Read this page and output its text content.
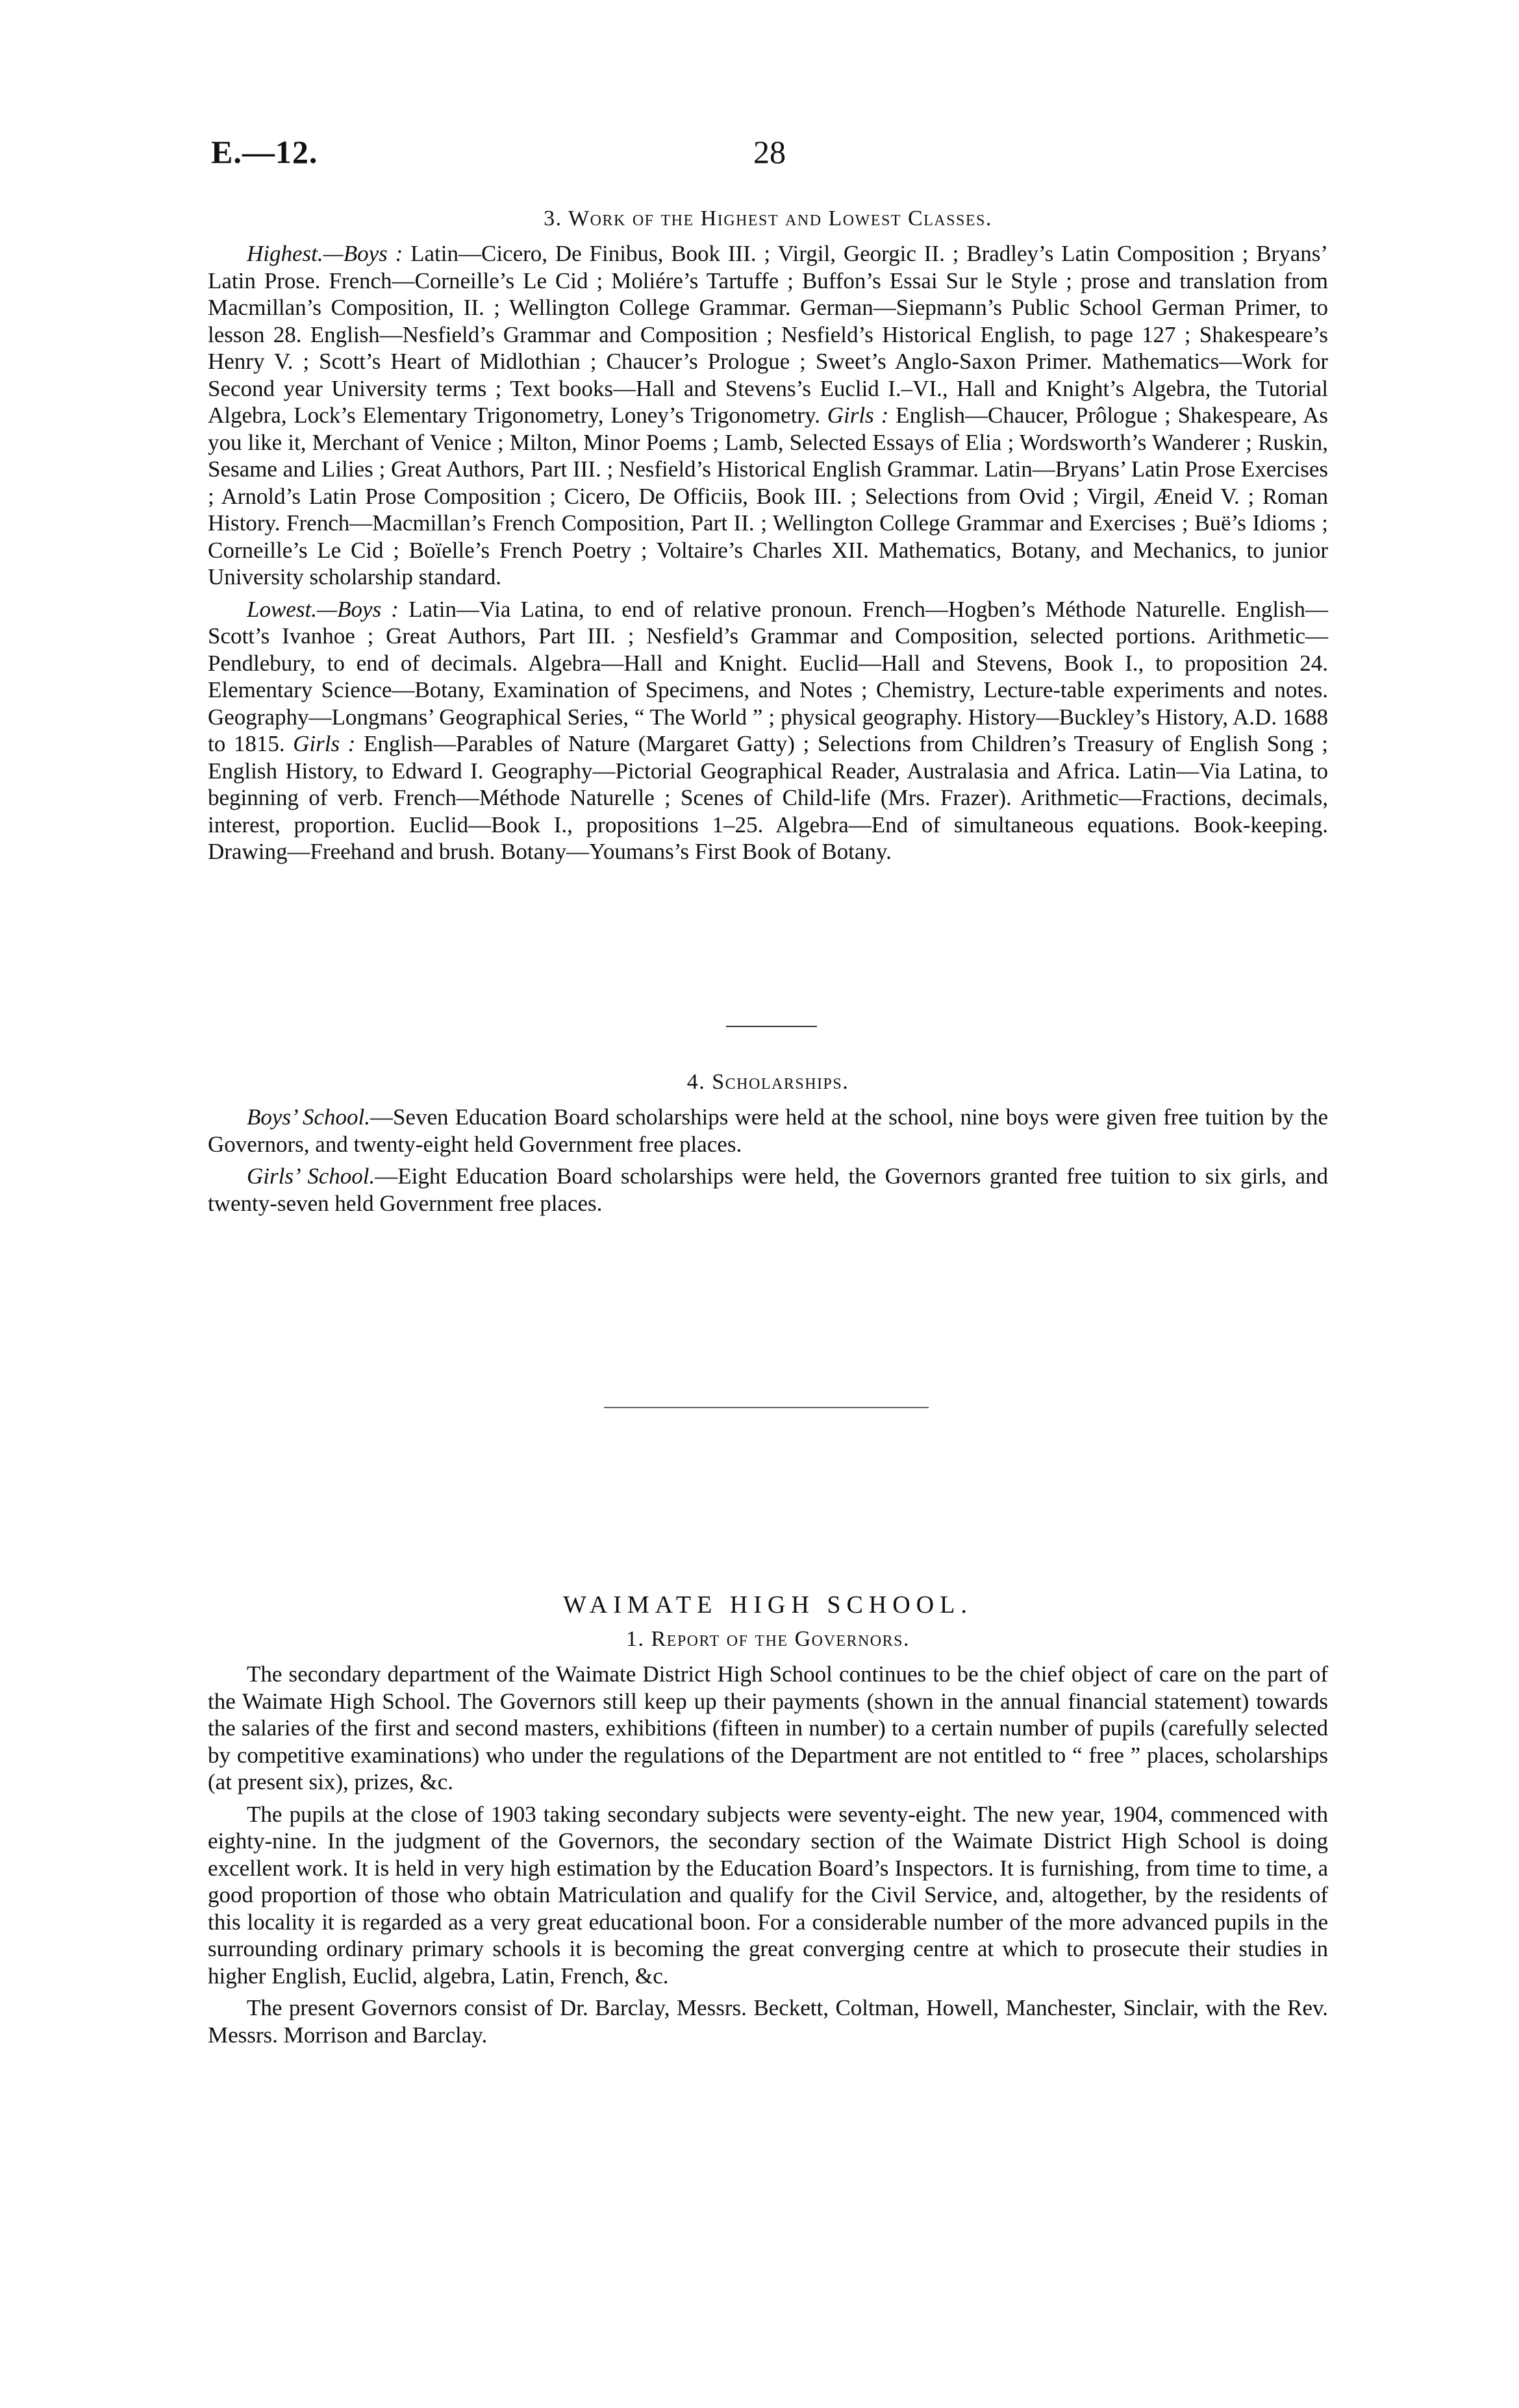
E.—12.	28
3. Work of the Highest and Lowest Classes.

Highest.—Boys : Latin—Cicero, De Finibus, Book III. ; Virgil, Georgic II. ; Bradley’s Latin Composition ; Bryans’ Latin Prose. French—Corneille’s Le Cid ; Moliére’s Tartuffe ; Buffon’s Essai Sur le Style ; prose and translation from Macmillan’s Composition, II. ; Wellington College Grammar. German—Siepmann’s Public School German Primer, to lesson 28. English—Nesfield’s Grammar and Composition ; Nesfield’s Historical English, to page 127 ; Shakespeare’s Henry V. ; Scott’s Heart of Midlothian ; Chaucer’s Prologue ; Sweet’s Anglo-Saxon Primer. Mathematics—Work for Second year University terms ; Text books—Hall and Stevens’s Euclid I.–VI., Hall and Knight’s Algebra, the Tutorial Algebra, Lock’s Elementary Trigonometry, Loney’s Trigonometry. Girls : English—Chaucer, Prôlogue ; Shakespeare, As you like it, Merchant of Venice ; Milton, Minor Poems ; Lamb, Selected Essays of Elia ; Wordsworth’s Wanderer ; Ruskin, Sesame and Lilies ; Great Authors, Part III. ; Nesfield’s Historical English Grammar. Latin—Bryans’ Latin Prose Exercises ; Arnold’s Latin Prose Composition ; Cicero, De Officiis, Book III. ; Selections from Ovid ; Virgil, Æneid V. ; Roman History. French—Macmillan’s French Composition, Part II. ; Wellington College Grammar and Exercises ; Buë’s Idioms ; Corneille’s Le Cid ; Boïelle’s French Poetry ; Voltaire’s Charles XII. Mathematics, Botany, and Mechanics, to junior University scholarship standard.

Lowest.—Boys : Latin—Via Latina, to end of relative pronoun. French—Hogben’s Méthode Naturelle. English—Scott’s Ivanhoe ; Great Authors, Part III. ; Nesfield’s Grammar and Composition, selected portions. Arithmetic—Pendlebury, to end of decimals. Algebra—Hall and Knight. Euclid—Hall and Stevens, Book I., to proposition 24. Elementary Science—Botany, Examination of Specimens, and Notes ; Chemistry, Lecture-table experiments and notes. Geography—Longmans’ Geographical Series, “ The World ” ; physical geography. History—Buckley’s History, A.D. 1688 to 1815. Girls : English—Parables of Nature (Margaret Gatty) ; Selections from Children’s Treasury of English Song ; English History, to Edward I. Geography—Pictorial Geographical Reader, Australasia and Africa. Latin—Via Latina, to beginning of verb. French—Méthode Naturelle ; Scenes of Child-life (Mrs. Frazer). Arithmetic—Fractions, decimals, interest, proportion. Euclid—Book I., propositions 1–25. Algebra—End of simultaneous equations. Book-keeping. Drawing—Freehand and brush. Botany—Youmans’s First Book of Botany.

4. Scholarships.

Boys’ School.—Seven Education Board scholarships were held at the school, nine boys were given free tuition by the Governors, and twenty-eight held Government free places.

Girls’ School.—Eight Education Board scholarships were held, the Governors granted free tuition to six girls, and twenty-seven held Government free places.

WAIMATE HIGH SCHOOL.
1. Report of the Governors.

The secondary department of the Waimate District High School continues to be the chief object of care on the part of the Waimate High School. The Governors still keep up their payments (shown in the annual financial statement) towards the salaries of the first and second masters, exhibitions (fifteen in number) to a certain number of pupils (carefully selected by competitive examinations) who under the regulations of the Department are not entitled to “ free ” places, scholarships (at present six), prizes, &c.

The pupils at the close of 1903 taking secondary subjects were seventy-eight. The new year, 1904, commenced with eighty-nine. In the judgment of the Governors, the secondary section of the Waimate District High School is doing excellent work. It is held in very high estimation by the Education Board’s Inspectors. It is furnishing, from time to time, a good proportion of those who obtain Matriculation and qualify for the Civil Service, and, altogether, by the residents of this locality it is regarded as a very great educational boon. For a considerable number of the more advanced pupils in the surrounding ordinary primary schools it is becoming the great converging centre at which to prosecute their studies in higher English, Euclid, algebra, Latin, French, &c.

The present Governors consist of Dr. Barclay, Messrs. Beckett, Coltman, Howell, Manchester, Sinclair, with the Rev. Messrs. Morrison and Barclay.
